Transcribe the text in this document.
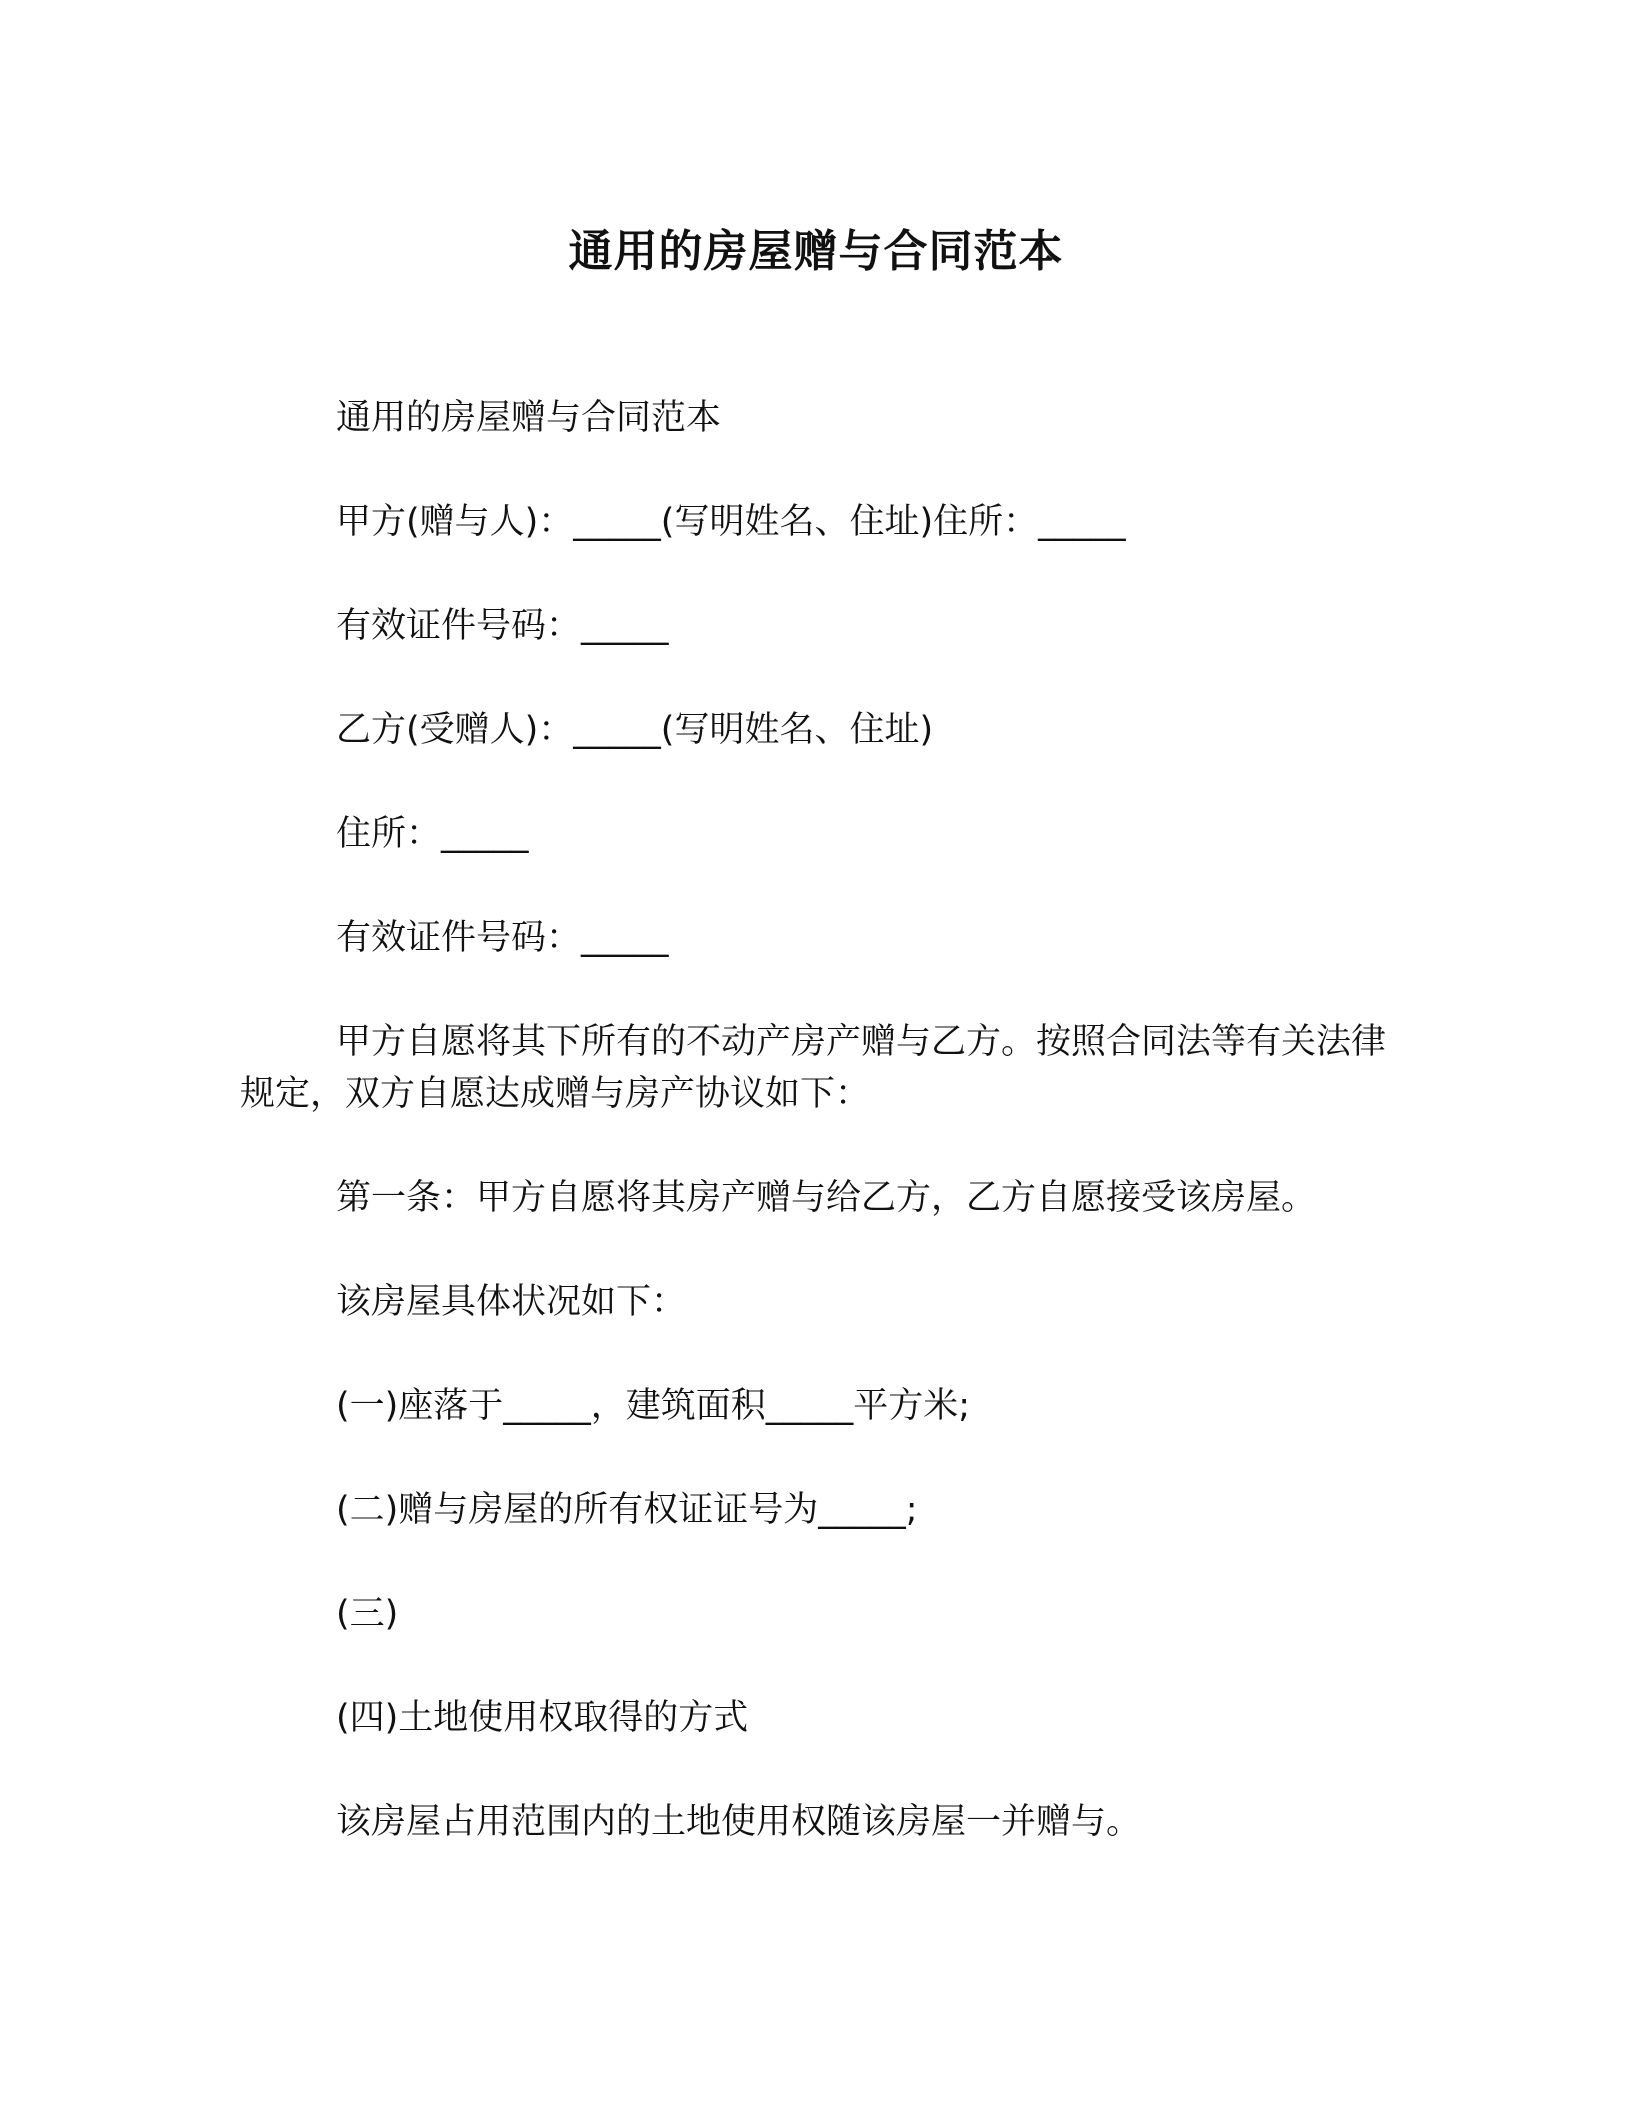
通用的房屋赠与合同范本

通用的房屋赠与合同范本

甲方(赠与人)：_____(写明姓名、住址)住所：_____

有效证件号码：_____

乙方(受赠人)：_____(写明姓名、住址)

住所：_____

有效证件号码：_____

甲方自愿将其下所有的不动产房产赠与乙方。按照合同法等有关法律规定，双方自愿达成赠与房产协议如下：

第一条：甲方自愿将其房产赠与给乙方，乙方自愿接受该房屋。

该房屋具体状况如下：

(一)座落于_____，建筑面积_____平方米;

(二)赠与房屋的所有权证证号为_____;

(三)

(四)土地使用权取得的方式

该房屋占用范围内的土地使用权随该房屋一并赠与。
